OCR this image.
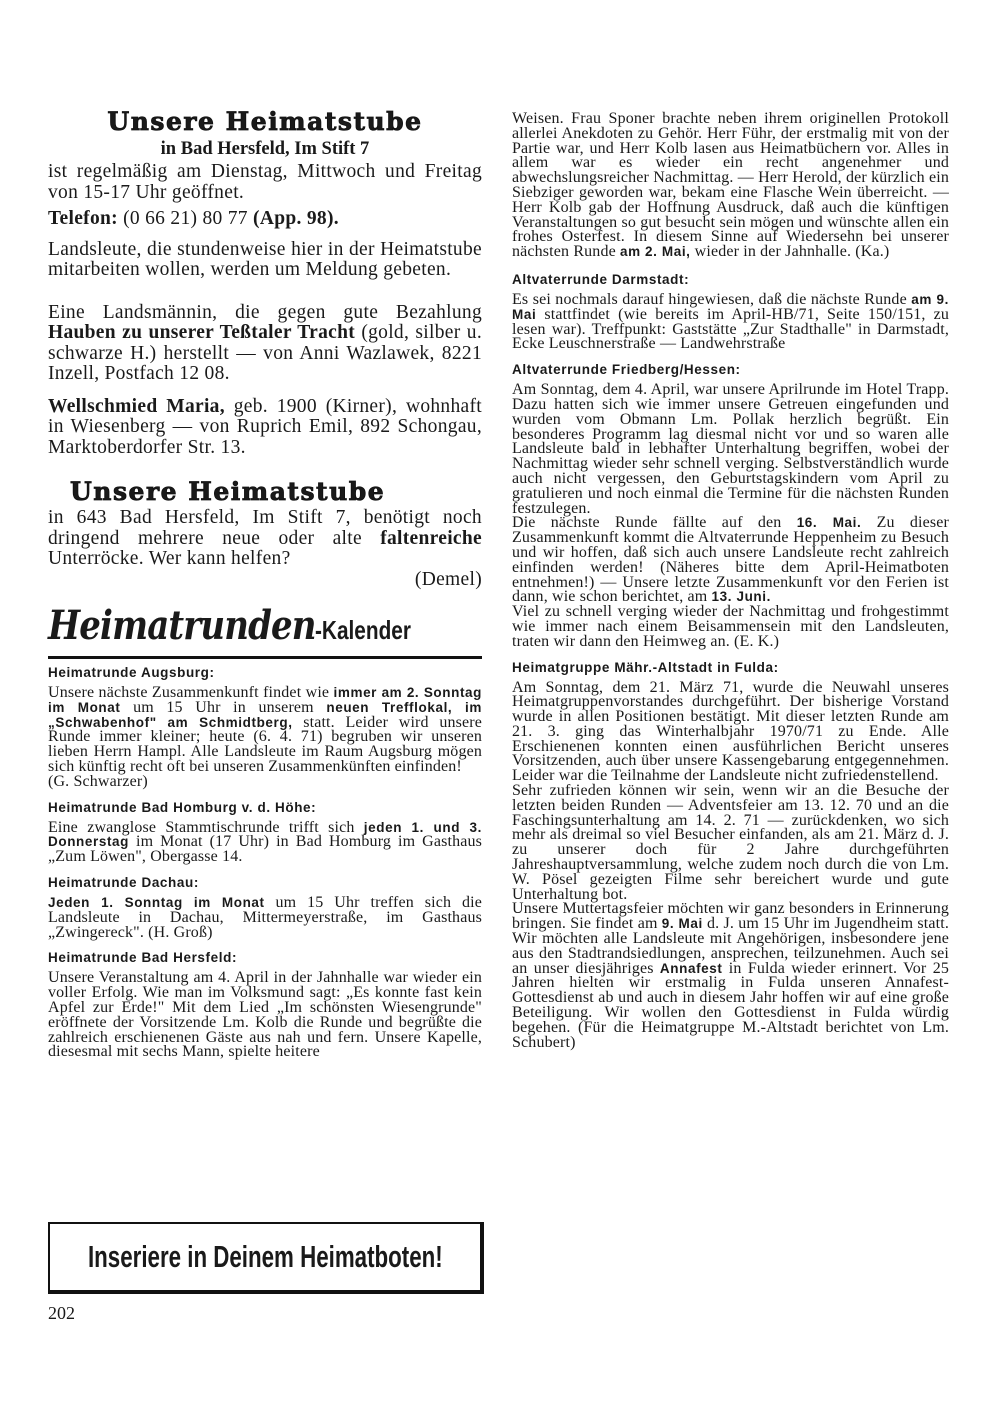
Unsere Heimatstube

in Bad Hersfeld, Im Stift 7

ist regelmäßig am Dienstag, Mittwoch und Freitag von 15-17 Uhr geöffnet.

Telefon: (0 66 21) 80 77 (App. 98).

Landsleute, die stundenweise hier in der Heimatstube mitarbeiten wollen, werden um Meldung gebeten.

Eine Landsmännin, die gegen gute Bezahlung Hauben zu unserer Teßtaler Tracht (gold, silber u. schwarze H.) herstellt — von Anni Wazlawek, 8221 Inzell, Postfach 12 08.

Wellschmied Maria, geb. 1900 (Kirner), wohnhaft in Wiesenberg — von Ruprich Emil, 892 Schongau, Marktoberdorfer Str. 13.

Unsere Heimatstube

in 643 Bad Hersfeld, Im Stift 7, benötigt noch dringend mehrere neue oder alte faltenreiche Unterröcke. Wer kann helfen?

(Demel)

Heimatrunden-Kalender
Heimatrunde Augsburg:

Unsere nächste Zusammenkunft findet wie immer am 2. Sonntag im Monat um 15 Uhr in unserem neuen Trefflokal, im „Schwabenhof" am Schmidtberg, statt. Leider wird unsere Runde immer kleiner; heute (6. 4. 71) begruben wir unseren lieben Herrn Hampl. Alle Landsleute im Raum Augsburg mögen sich künftig recht oft bei unseren Zusammenkünften einfinden!

(G. Schwarzer)

Heimatrunde Bad Homburg v. d. Höhe:

Eine zwanglose Stammtischrunde trifft sich jeden 1. und 3. Donnerstag im Monat (17 Uhr) in Bad Homburg im Gasthaus „Zum Löwen", Obergasse 14.

Heimatrunde Dachau:

Jeden 1. Sonntag im Monat um 15 Uhr treffen sich die Landsleute in Dachau, Mittermeyerstraße, im Gasthaus „Zwingereck". (H. Groß)

Heimatrunde Bad Hersfeld:

Unsere Veranstaltung am 4. April in der Jahnhalle war wieder ein voller Erfolg. Wie man im Volksmund sagt: „Es konnte fast kein Apfel zur Erde!" Mit dem Lied „Im schönsten Wiesengrunde" eröffnete der Vorsitzende Lm. Kolb die Runde und begrüßte die zahlreich erschienenen Gäste aus nah und fern. Unsere Kapelle, diesesmal mit sechs Mann, spielte heitere

Inseriere in Deinem Heimatboten!
202

Weisen. Frau Sponer brachte neben ihrem originellen Protokoll allerlei Anekdoten zu Gehör. Herr Führ, der erstmalig mit von der Partie war, und Herr Kolb lasen aus Heimatbüchern vor. Alles in allem war es wieder ein recht angenehmer und abwechslungsreicher Nachmittag. — Herr Herold, der kürzlich ein Siebziger geworden war, bekam eine Flasche Wein überreicht. — Herr Kolb gab der Hoffnung Ausdruck, daß auch die künftigen Veranstaltungen so gut besucht sein mögen und wünschte allen ein frohes Osterfest. In diesem Sinne auf Wiedersehn bei unserer nächsten Runde am 2. Mai, wieder in der Jahnhalle. (Ka.)

Altvaterrunde Darmstadt:

Es sei nochmals darauf hingewiesen, daß die nächste Runde am 9. Mai stattfindet (wie bereits im April-HB/71, Seite 150/151, zu lesen war). Treffpunkt: Gaststätte „Zur Stadthalle" in Darmstadt, Ecke Leuschnerstraße — Landwehrstraße

Altvaterrunde Friedberg/Hessen:

Am Sonntag, dem 4. April, war unsere Aprilrunde im Hotel Trapp. Dazu hatten sich wie immer unsere Getreuen eingefunden und wurden vom Obmann Lm. Pollak herzlich begrüßt. Ein besonderes Programm lag diesmal nicht vor und so waren alle Landsleute bald in lebhafter Unterhaltung begriffen, wobei der Nachmittag wieder sehr schnell verging. Selbstverständlich wurde auch nicht vergessen, den Geburtstagskindern vom April zu gratulieren und noch einmal die Termine für die nächsten Runden festzulegen.
Die nächste Runde fällte auf den 16. Mai. Zu dieser Zusammenkunft kommt die Altvaterrunde Heppenheim zu Besuch und wir hoffen, daß sich auch unsere Landsleute recht zahlreich einfinden werden! (Näheres bitte dem April-Heimatboten entnehmen!) — Unsere letzte Zusammenkunft vor den Ferien ist dann, wie schon berichtet, am 13. Juni.
Viel zu schnell verging wieder der Nachmittag und frohgestimmt wie immer nach einem Beisammensein mit den Landsleuten, traten wir dann den Heimweg an. (E. K.)

Heimatgruppe Mähr.-Altstadt in Fulda:

Am Sonntag, dem 21. März 71, wurde die Neuwahl unseres Heimatgruppenvorstandes durchgeführt. Der bisherige Vorstand wurde in allen Positionen bestätigt. Mit dieser letzten Runde am 21. 3. ging das Winterhalbjahr 1970/71 zu Ende. Alle Erschienenen konnten einen ausführlichen Bericht unseres Vorsitzenden, auch über unsere Kassengebarung entgegennehmen. Leider war die Teilnahme der Landsleute nicht zufriedenstellend.
Sehr zufrieden können wir sein, wenn wir an die Besuche der letzten beiden Runden — Adventsfeier am 13. 12. 70 und an die Faschingsunterhaltung am 14. 2. 71 — zurückdenken, wo sich mehr als dreimal so viel Besucher einfanden, als am 21. März d. J. zu unserer doch für 2 Jahre durchgeführten Jahreshauptversammlung, welche zudem noch durch die von Lm. W. Pösel gezeigten Filme sehr bereichert wurde und gute Unterhaltung bot.
Unsere Muttertagsfeier möchten wir ganz besonders in Erinnerung bringen. Sie findet am 9. Mai d. J. um 15 Uhr im Jugendheim statt. Wir möchten alle Landsleute mit Angehörigen, insbesondere jene aus den Stadtrandsiedlungen, ansprechen, teilzunehmen. Auch sei an unser diesjähriges Annafest in Fulda wieder erinnert. Vor 25 Jahren hielten wir erstmalig in Fulda unseren Annafest-Gottesdienst ab und auch in diesem Jahr hoffen wir auf eine große Beteiligung. Wir wollen den Gottesdienst in Fulda würdig begehen. (Für die Heimatgruppe M.-Altstadt berichtet von Lm. Schubert)
